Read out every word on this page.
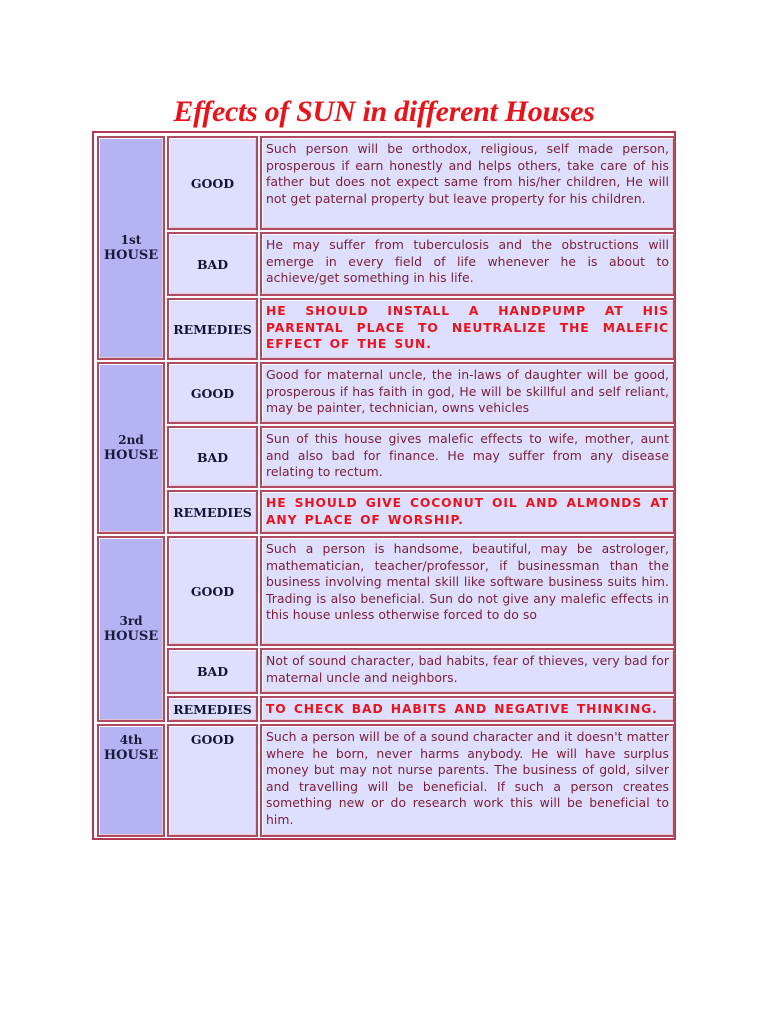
Effects of SUN in different Houses
1st
HOUSE
GOOD
Such person will be orthodox, religious, self made person, prosperous if earn honestly and helps others, take care of his father but does not expect same from his/her children, He will not get paternal property but leave property for his children.
BAD
He may suffer from tuberculosis and the obstructions will emerge in every field of life whenever he is about to achieve/get something in his life.
REMEDIES
HE SHOULD INSTALL A HANDPUMP AT HIS PARENTAL PLACE TO NEUTRALIZE THE MALEFIC EFFECT OF THE SUN.
2nd
HOUSE
GOOD
Good for maternal uncle, the in-laws of daughter will be good, prosperous if has faith in god, He will be skillful and self reliant, may be painter, technician, owns vehicles
BAD
Sun of this house gives malefic effects to wife, mother, aunt and also bad for finance. He may suffer from any disease relating to rectum.
REMEDIES
HE SHOULD GIVE COCONUT OIL AND ALMONDS AT ANY PLACE OF WORSHIP.
3rd
HOUSE
GOOD
Such a person is handsome, beautiful, may be astrologer, mathematician, teacher/professor, if businessman than the business involving mental skill like software business suits him. Trading is also beneficial. Sun do not give any malefic effects in this house unless otherwise forced to do so
BAD
Not of sound character, bad habits, fear of thieves, very bad for maternal uncle and neighbors.
REMEDIES TO CHECK BAD HABITS AND NEGATIVE THINKING.
4th
HOUSE
GOOD	Such a person will be of a sound character and it doesn't matter where he born, never harms anybody. He will have surplus money but may not nurse parents. The business of gold, silver and travelling will be beneficial. If such a person creates something new or do research work this will be beneficial to him.
